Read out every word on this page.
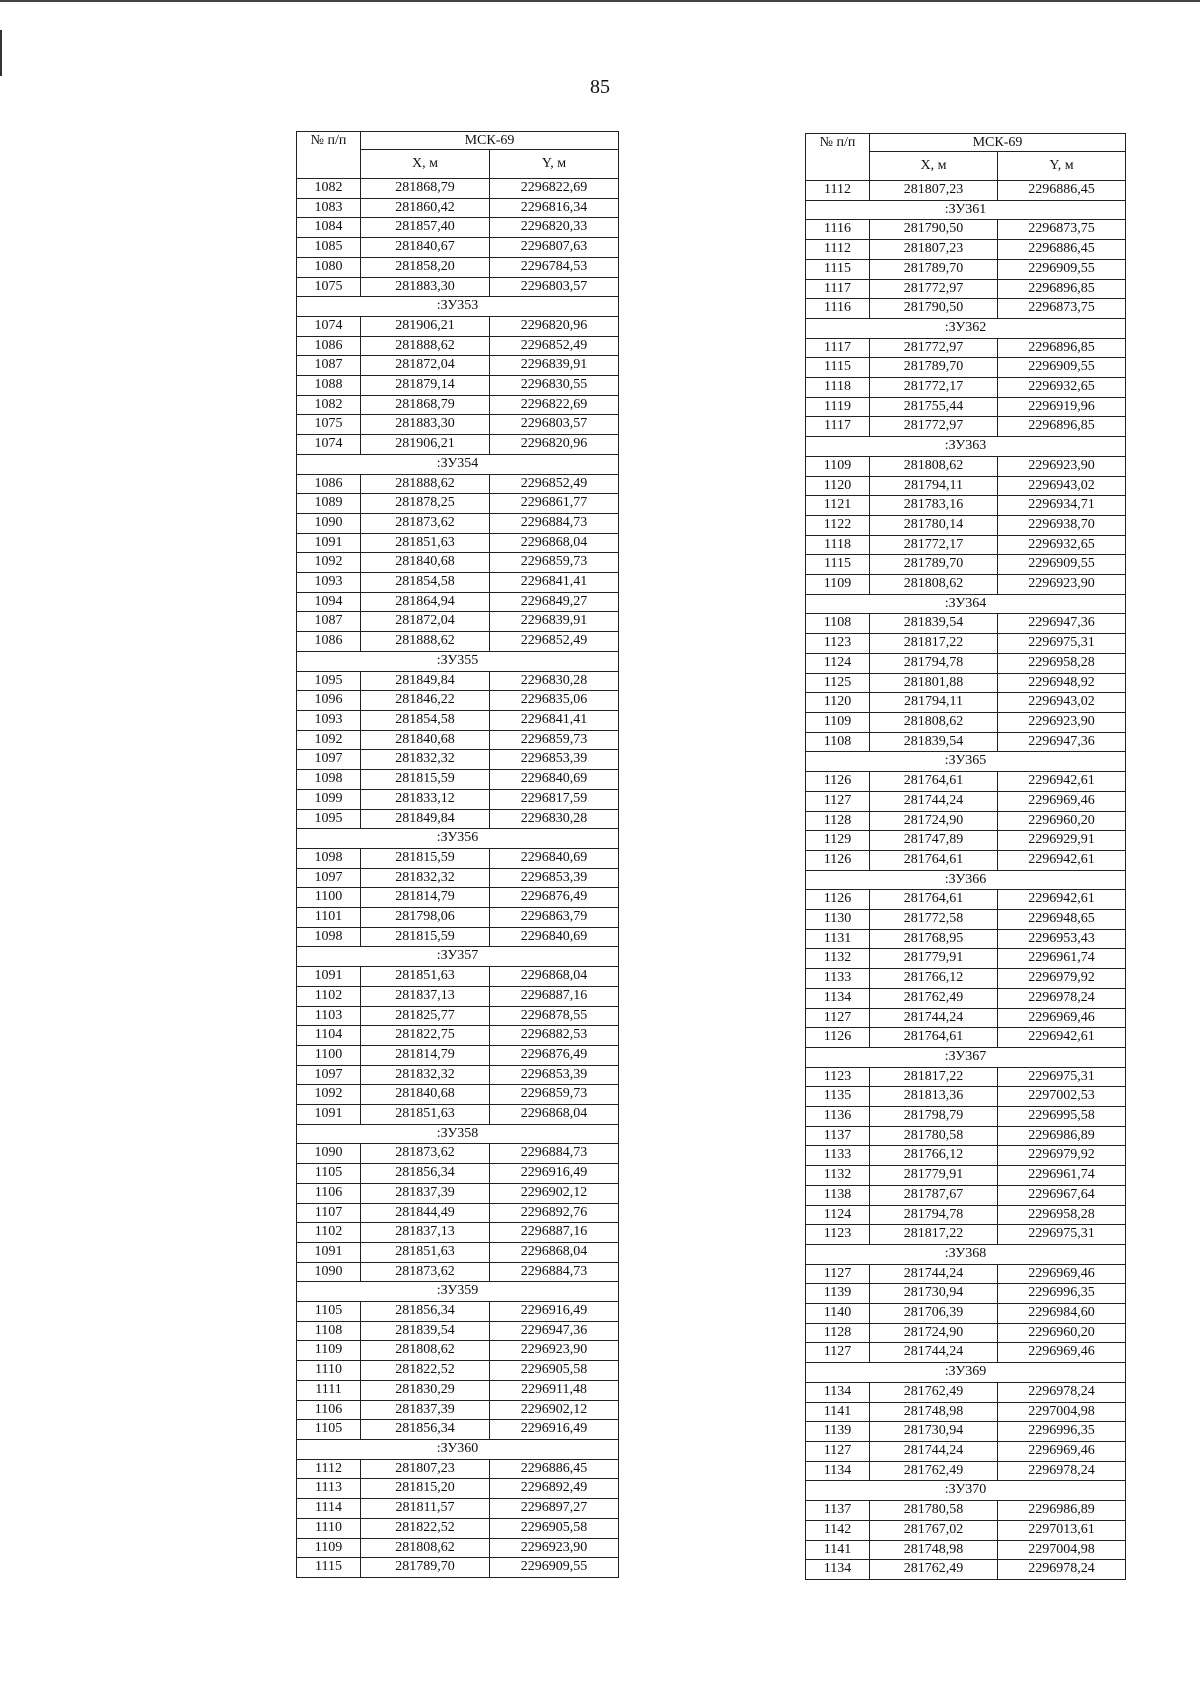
85
№ п/п	МСК-69	
	X, м	Y, м
1082	281868,79	2296822,69
1083	281860,42	2296816,34
1084	281857,40	2296820,33
1085	281840,67	2296807,63
1080	281858,20	2296784,53
1075	281883,30	2296803,57
:ЗУ353		
1074	281906,21	2296820,96
1086	281888,62	2296852,49
1087	281872,04	2296839,91
1088	281879,14	2296830,55
1082	281868,79	2296822,69
1075	281883,30	2296803,57
1074	281906,21	2296820,96
:ЗУ354		
1086	281888,62	2296852,49
1089	281878,25	2296861,77
1090	281873,62	2296884,73
1091	281851,63	2296868,04
1092	281840,68	2296859,73
1093	281854,58	2296841,41
1094	281864,94	2296849,27
1087	281872,04	2296839,91
1086	281888,62	2296852,49
:ЗУ355		
1095	281849,84	2296830,28
1096	281846,22	2296835,06
1093	281854,58	2296841,41
1092	281840,68	2296859,73
1097	281832,32	2296853,39
1098	281815,59	2296840,69
1099	281833,12	2296817,59
1095	281849,84	2296830,28
:ЗУ356		
1098	281815,59	2296840,69
1097	281832,32	2296853,39
1100	281814,79	2296876,49
1101	281798,06	2296863,79
1098	281815,59	2296840,69
:ЗУ357		
1091	281851,63	2296868,04
1102	281837,13	2296887,16
1103	281825,77	2296878,55
1104	281822,75	2296882,53
1100	281814,79	2296876,49
1097	281832,32	2296853,39
1092	281840,68	2296859,73
1091	281851,63	2296868,04
:ЗУ358		
1090	281873,62	2296884,73
1105	281856,34	2296916,49
1106	281837,39	2296902,12
1107	281844,49	2296892,76
1102	281837,13	2296887,16
1091	281851,63	2296868,04
1090	281873,62	2296884,73
:ЗУ359		
1105	281856,34	2296916,49
1108	281839,54	2296947,36
1109	281808,62	2296923,90
1110	281822,52	2296905,58
1111	281830,29	2296911,48
1106	281837,39	2296902,12
1105	281856,34	2296916,49
:ЗУ360		
1112	281807,23	2296886,45
1113	281815,20	2296892,49
1114	281811,57	2296897,27
1110	281822,52	2296905,58
1109	281808,62	2296923,90
1115	281789,70	2296909,55
№ п/п	МСК-69	
	X, м	Y, м
1112	281807,23	2296886,45
:ЗУ361		
1116	281790,50	2296873,75
1112	281807,23	2296886,45
1115	281789,70	2296909,55
1117	281772,97	2296896,85
1116	281790,50	2296873,75
:ЗУ362		
1117	281772,97	2296896,85
1115	281789,70	2296909,55
1118	281772,17	2296932,65
1119	281755,44	2296919,96
1117	281772,97	2296896,85
:ЗУ363		
1109	281808,62	2296923,90
1120	281794,11	2296943,02
1121	281783,16	2296934,71
1122	281780,14	2296938,70
1118	281772,17	2296932,65
1115	281789,70	2296909,55
1109	281808,62	2296923,90
:ЗУ364		
1108	281839,54	2296947,36
1123	281817,22	2296975,31
1124	281794,78	2296958,28
1125	281801,88	2296948,92
1120	281794,11	2296943,02
1109	281808,62	2296923,90
1108	281839,54	2296947,36
:ЗУ365		
1126	281764,61	2296942,61
1127	281744,24	2296969,46
1128	281724,90	2296960,20
1129	281747,89	2296929,91
1126	281764,61	2296942,61
:ЗУ366		
1126	281764,61	2296942,61
1130	281772,58	2296948,65
1131	281768,95	2296953,43
1132	281779,91	2296961,74
1133	281766,12	2296979,92
1134	281762,49	2296978,24
1127	281744,24	2296969,46
1126	281764,61	2296942,61
:ЗУ367		
1123	281817,22	2296975,31
1135	281813,36	2297002,53
1136	281798,79	2296995,58
1137	281780,58	2296986,89
1133	281766,12	2296979,92
1132	281779,91	2296961,74
1138	281787,67	2296967,64
1124	281794,78	2296958,28
1123	281817,22	2296975,31
:ЗУ368		
1127	281744,24	2296969,46
1139	281730,94	2296996,35
1140	281706,39	2296984,60
1128	281724,90	2296960,20
1127	281744,24	2296969,46
:ЗУ369		
1134	281762,49	2296978,24
1141	281748,98	2297004,98
1139	281730,94	2296996,35
1127	281744,24	2296969,46
1134	281762,49	2296978,24
:ЗУ370		
1137	281780,58	2296986,89
1142	281767,02	2297013,61
1141	281748,98	2297004,98
1134	281762,49	2296978,24
